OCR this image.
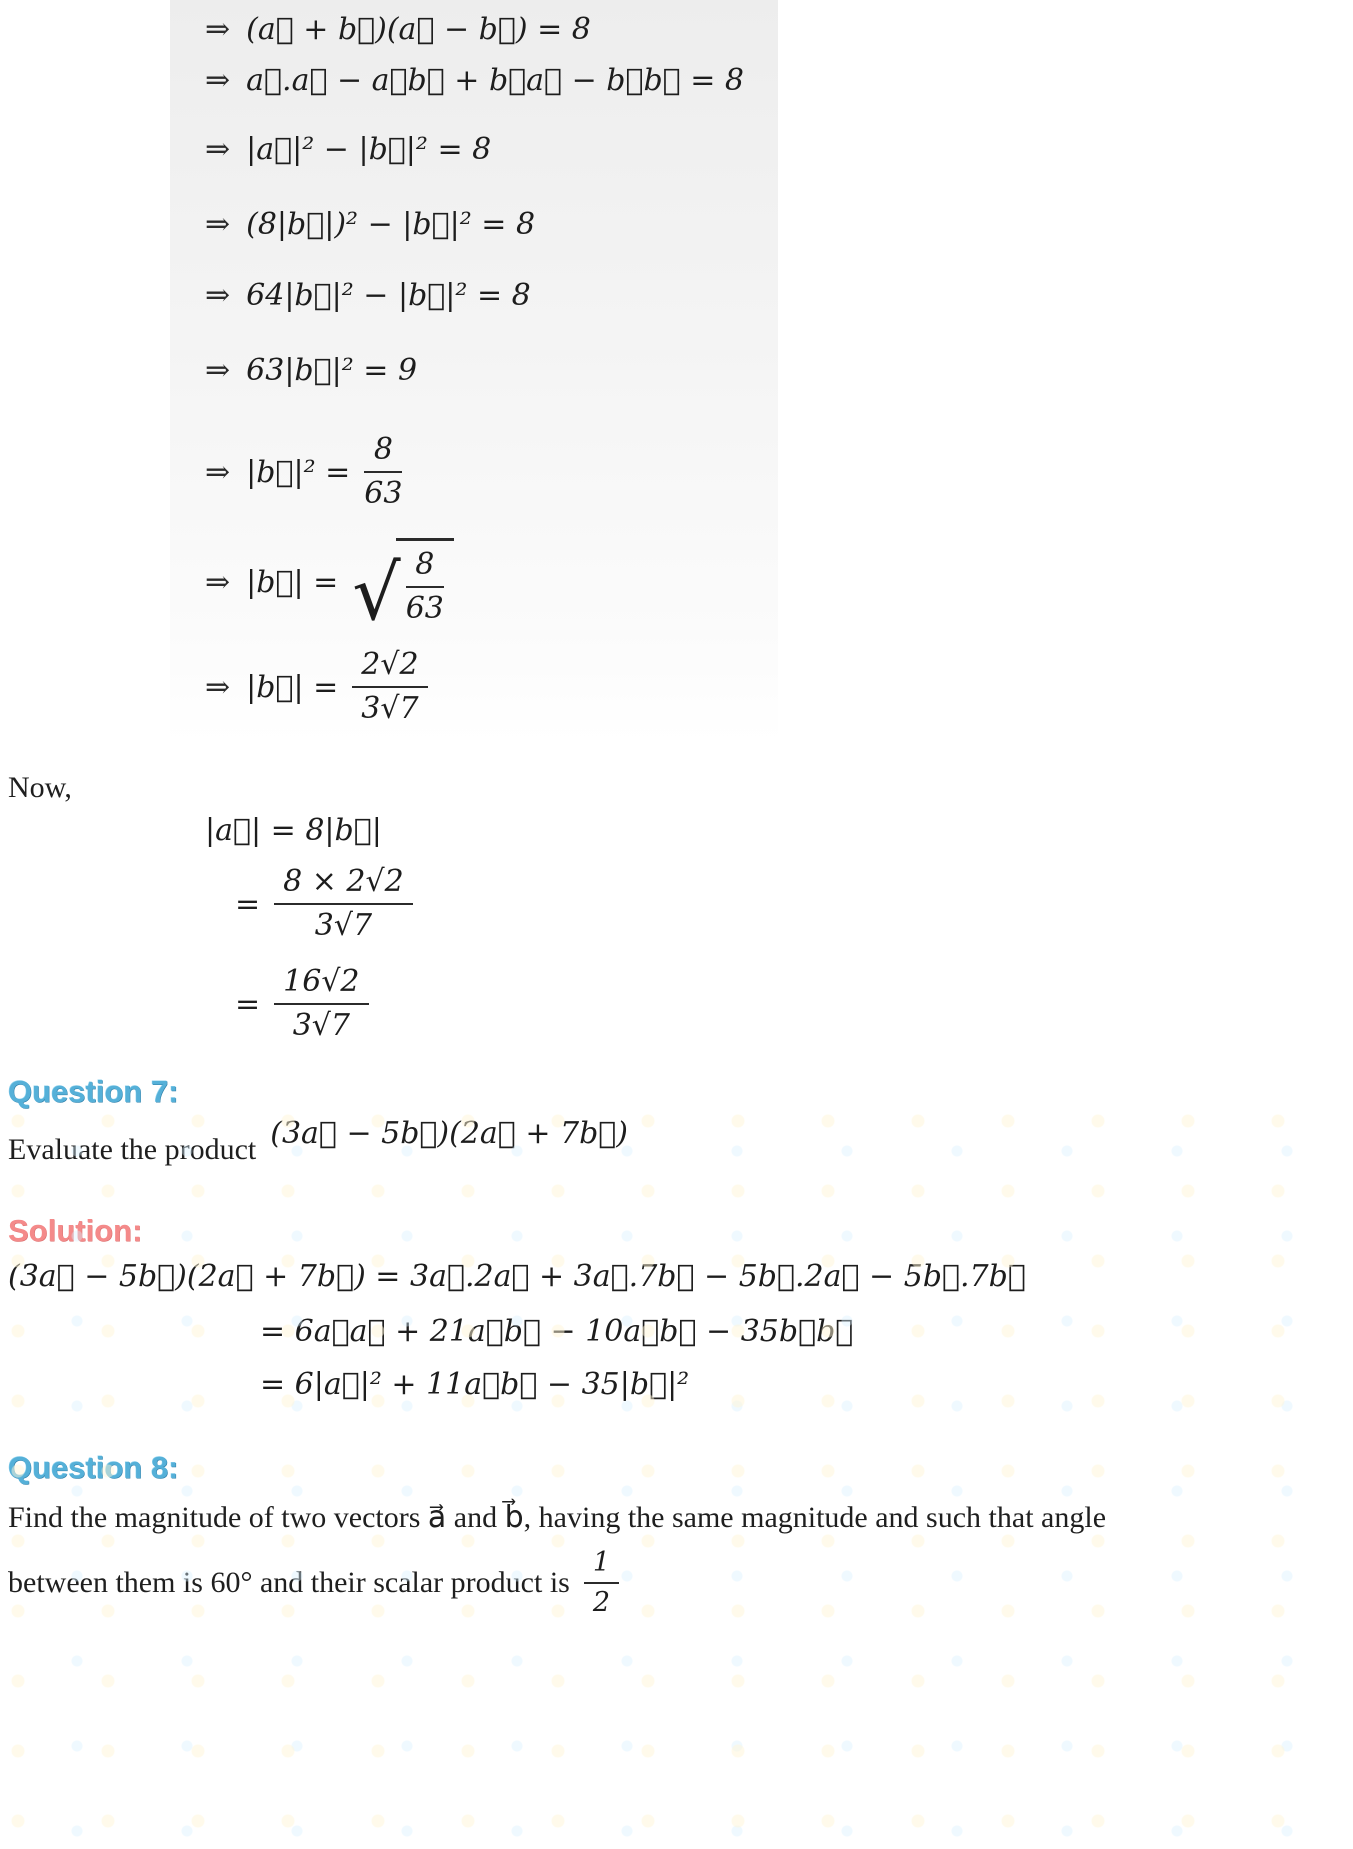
⇒ (a⃗ + b⃗)(a⃗ − b⃗) = 8
⇒ a⃗.a⃗ − a⃗b⃗ + b⃗a⃗ − b⃗b⃗ = 8
⇒ |a⃗|² − |b⃗|² = 8
⇒ (8|b⃗|)² − |b⃗|² = 8
⇒ 64|b⃗|² − |b⃗|² = 8
⇒ 63|b⃗|² = 9
⇒ |b⃗|² = $\frac{8}{63}$
⇒ |b⃗| = √ $\frac{8}{63}$
⇒ |b⃗| = $\frac{2√2}{3√7}$
Now,
|a⃗| = 8|b⃗|
= $\frac{8 \times 2√2}{3√7}$
= $\frac{16√2}{3√7}$
Question 7:
Evaluate the product (3a⃗ − 5b⃗)(2a⃗ + 7b⃗)
Solution:
(3a⃗ − 5b⃗)(2a⃗ + 7b⃗) = 3a⃗.2a⃗ + 3a⃗.7b⃗ − 5b⃗.2a⃗ − 5b⃗.7b⃗
= 6a⃗a⃗ + 21a⃗b⃗ − 10a⃗b⃗ − 35b⃗b⃗
= 6|a⃗|² + 11a⃗b⃗ − 35|b⃗|²
Question 8:
Find the magnitude of two vectors a⃗ and b⃗, having the same magnitude and such that angle
between them is 60° and their scalar product is $\frac{1}{2}$
